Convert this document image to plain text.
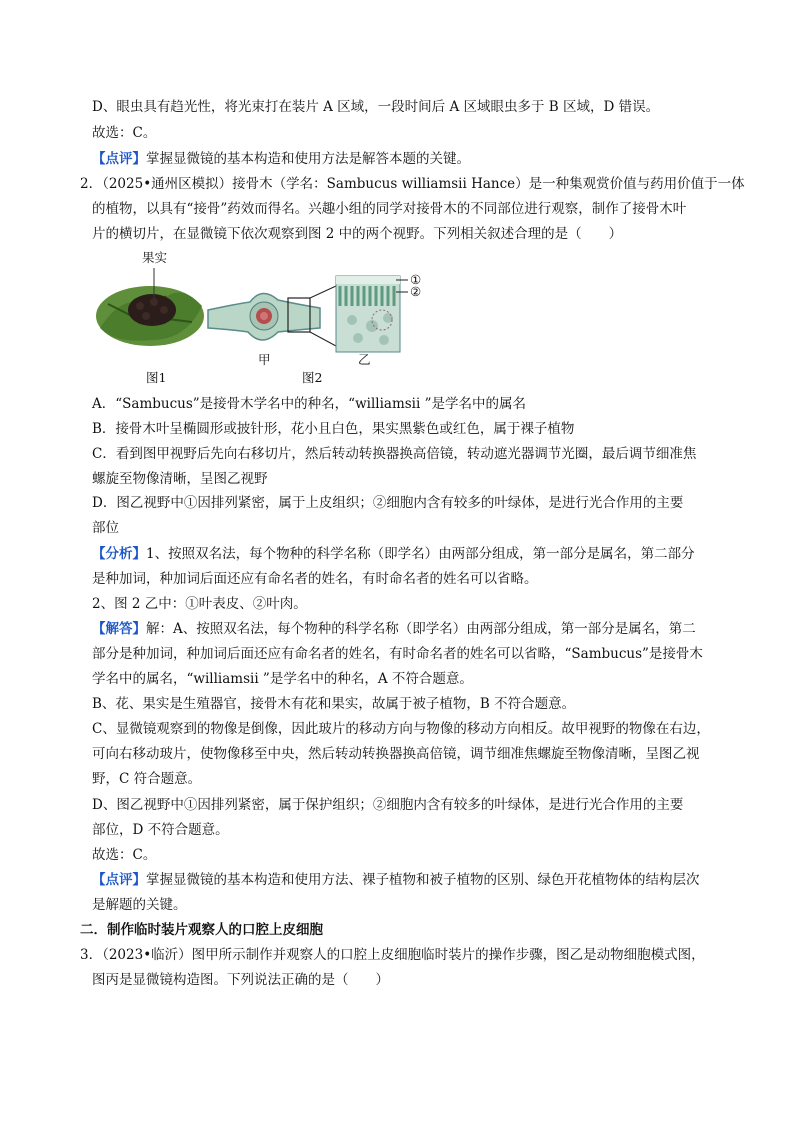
D、眼虫具有趋光性，将光束打在装片 A 区域，一段时间后 A 区域眼虫多于 B 区域，D 错误。
故选：C。
【点评】掌握显微镜的基本构造和使用方法是解答本题的关键。
2．（2025•通州区模拟）接骨木（学名：Sambucus williamsii Hance）是一种集观赏价值与药用价值于一体
的植物，以具有“接骨”药效而得名。兴趣小组的同学对接骨木的不同部位进行观察，制作了接骨木叶
片的横切片，在显微镜下依次观察到图 2 中的两个视野。下列相关叙述合理的是（　　）
果实
图1
甲
图2
乙
①
②
A．“Sambucus”是接骨木学名中的种名，“williamsii ”是学名中的属名
B．接骨木叶呈椭圆形或披针形，花小且白色，果实黑紫色或红色，属于裸子植物
C．看到图甲视野后先向右移切片，然后转动转换器换高倍镜，转动遮光器调节光圈，最后调节细准焦
螺旋至物像清晰，呈图乙视野
D．图乙视野中①因排列紧密，属于上皮组织；②细胞内含有较多的叶绿体，是进行光合作用的主要
部位
【分析】1、按照双名法，每个物种的科学名称（即学名）由两部分组成，第一部分是属名，第二部分
是种加词，种加词后面还应有命名者的姓名，有时命名者的姓名可以省略。
2、图 2 乙中：①叶表皮、②叶肉。
【解答】解：A、按照双名法，每个物种的科学名称（即学名）由两部分组成，第一部分是属名，第二
部分是种加词，种加词后面还应有命名者的姓名，有时命名者的姓名可以省略，“Sambucus”是接骨木
学名中的属名，“williamsii ”是学名中的种名，A 不符合题意。
B、花、果实是生殖器官，接骨木有花和果实，故属于被子植物，B 不符合题意。
C、显微镜观察到的物像是倒像，因此玻片的移动方向与物像的移动方向相反。故甲视野的物像在右边，
可向右移动玻片，使物像移至中央，然后转动转换器换高倍镜，调节细准焦螺旋至物像清晰，呈图乙视
野，C 符合题意。
D、图乙视野中①因排列紧密，属于保护组织；②细胞内含有较多的叶绿体，是进行光合作用的主要
部位，D 不符合题意。
故选：C。
【点评】掌握显微镜的基本构造和使用方法、裸子植物和被子植物的区别、绿色开花植物体的结构层次
是解题的关键。
二．制作临时装片观察人的口腔上皮细胞
3．（2023•临沂）图甲所示制作并观察人的口腔上皮细胞临时装片的操作步骤，图乙是动物细胞模式图，
图丙是显微镜构造图。下列说法正确的是（　　）
